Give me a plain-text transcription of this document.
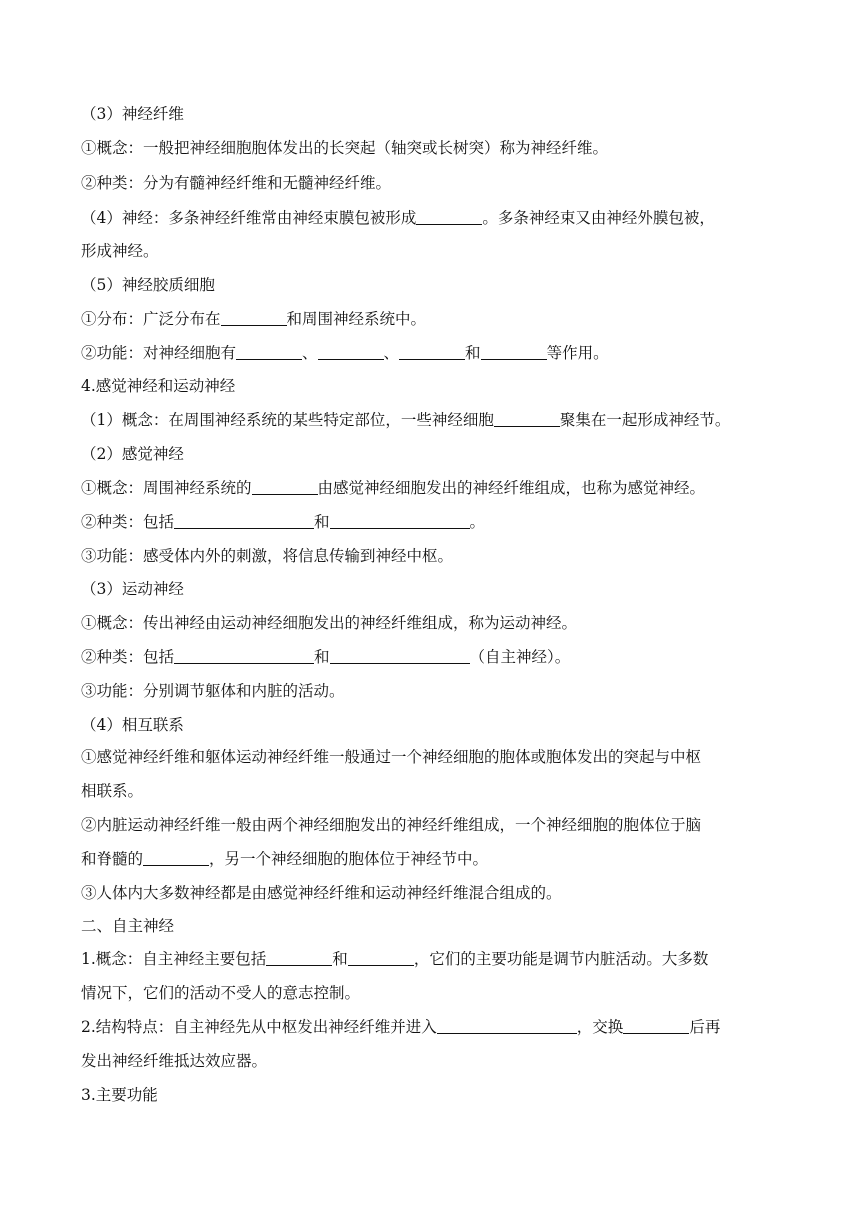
（3）神经纤维
①概念：一般把神经细胞胞体发出的长突起（轴突或长树突）称为神经纤维。
②种类：分为有髓神经纤维和无髓神经纤维。
（4）神经：多条神经纤维常由神经束膜包被形成	。多条神经束又由神经外膜包被，
形成神经。
（5）神经胶质细胞
①分布：广泛分布在	和周围神经系统中。
②功能：对神经细胞有	、	、	和	等作用。
4.感觉神经和运动神经
（1）概念：在周围神经系统的某些特定部位，一些神经细胞	聚集在一起形成神经节。
（2）感觉神经
①概念：周围神经系统的	由感觉神经细胞发出的神经纤维组成，也称为感觉神经。
②种类：包括	和	。
③功能：感受体内外的刺激，将信息传输到神经中枢。
（3）运动神经
①概念：传出神经由运动神经细胞发出的神经纤维组成，称为运动神经。
②种类：包括	和	（自主神经）。
③功能：分别调节躯体和内脏的活动。
（4）相互联系
①感觉神经纤维和躯体运动神经纤维一般通过一个神经细胞的胞体或胞体发出的突起与中枢
相联系。
②内脏运动神经纤维一般由两个神经细胞发出的神经纤维组成，一个神经细胞的胞体位于脑
和脊髓的	，另一个神经细胞的胞体位于神经节中。
③人体内大多数神经都是由感觉神经纤维和运动神经纤维混合组成的。
二、自主神经
1.概念：自主神经主要包括	和	，它们的主要功能是调节内脏活动。大多数
情况下，它们的活动不受人的意志控制。
2.结构特点：自主神经先从中枢发出神经纤维并进入	，交换	后再
发出神经纤维抵达效应器。
3.主要功能
